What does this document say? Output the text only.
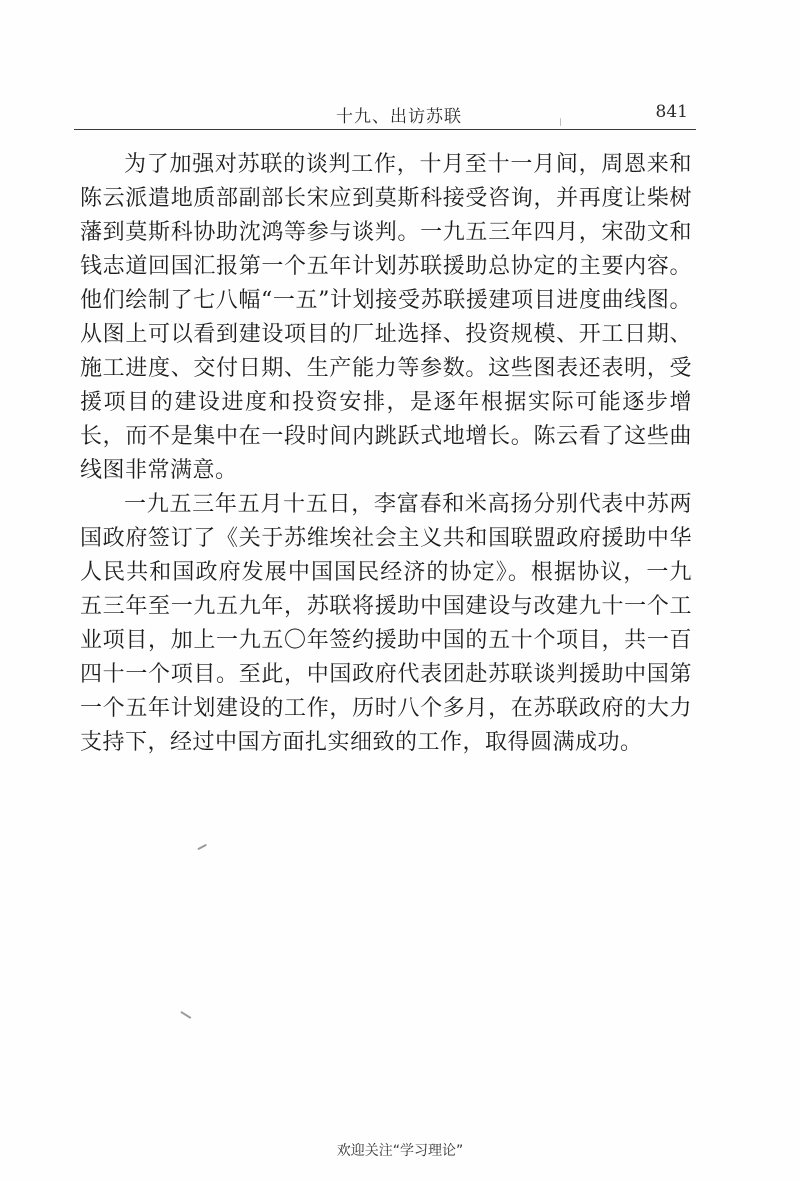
十九、出访苏联	841

为了加强对苏联的谈判工作，十月至十一月间，周恩来和陈云派遣地质部副部长宋应到莫斯科接受咨询，并再度让柴树藩到莫斯科协助沈鸿等参与谈判。一九五三年四月，宋劭文和钱志道回国汇报第一个五年计划苏联援助总协定的主要内容。他们绘制了七八幅“一五”计划接受苏联援建项目进度曲线图。从图上可以看到建设项目的厂址选择、投资规模、开工日期、施工进度、交付日期、生产能力等参数。这些图表还表明，受援项目的建设进度和投资安排，是逐年根据实际可能逐步增长，而不是集中在一段时间内跳跃式地增长。陈云看了这些曲线图非常满意。

一九五三年五月十五日，李富春和米高扬分别代表中苏两国政府签订了《关于苏维埃社会主义共和国联盟政府援助中华人民共和国政府发展中国国民经济的协定》。根据协议，一九五三年至一九五九年，苏联将援助中国建设与改建九十一个工业项目，加上一九五〇年签约援助中国的五十个项目，共一百四十一个项目。至此，中国政府代表团赴苏联谈判援助中国第一个五年计划建设的工作，历时八个多月，在苏联政府的大力支持下，经过中国方面扎实细致的工作，取得圆满成功。

欢迎关注“学习理论”
